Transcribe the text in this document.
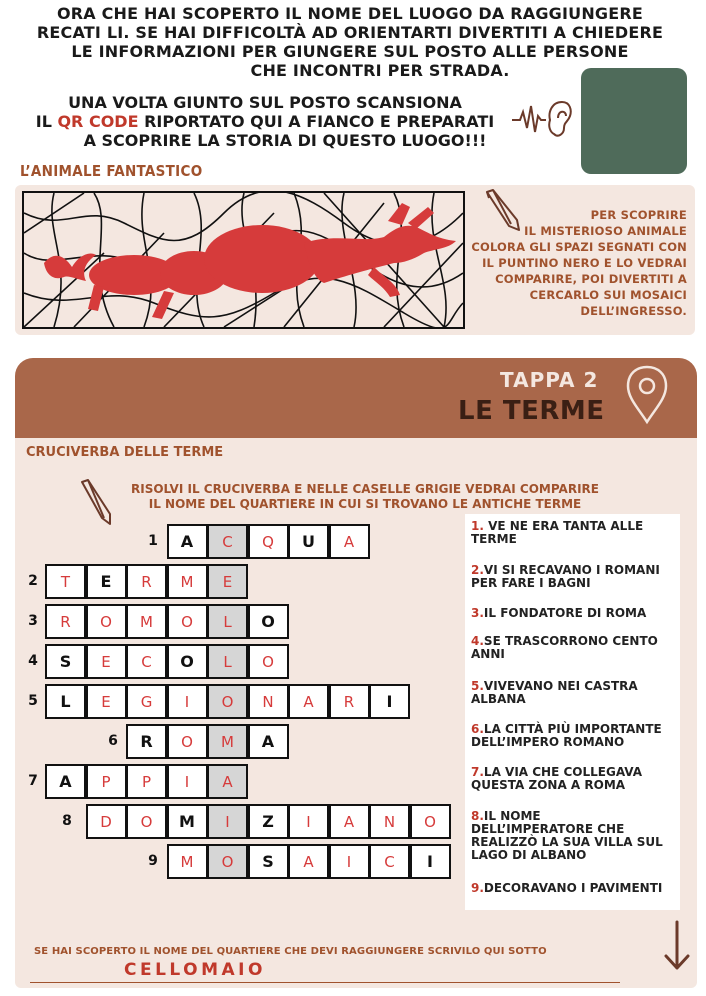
ORA CHE HAI SCOPERTO IL NOME DEL LUOGO DA RAGGIUNGERE
RECATI LI. SE HAI DIFFICOLTÀ AD ORIENTARTI DIVERTITI A CHIEDERE
LE INFORMAZIONI PER GIUNGERE SUL POSTO ALLE PERSONE
CHE INCONTRI PER STRADA.
UNA VOLTA GIUNTO SUL POSTO SCANSIONA
IL QR CODE RIPORTATO QUI A FIANCO E PREPARATI
A SCOPRIRE LA STORIA DI QUESTO LUOGO!!!
L’ANIMALE FANTASTICO
PER SCOPRIRE
IL MISTERIOSO ANIMALE
COLORA GLI SPAZI SEGNATI CON
IL PUNTINO NERO E LO VEDRAI
COMPARIRE, POI DIVERTITI A
CERCARLO SUI MOSAICI
DELL’INGRESSO.
TAPPA 2
LE TERME
CRUCIVERBA DELLE TERME
RISOLVI IL CRUCIVERBA E NELLE CASELLE GRIGIE VEDRAI COMPARIRE
IL NOME DEL QUARTIERE IN CUI SI TROVANO LE ANTICHE TERME
1	A	C	Q	U	A
2	T	E	R	M	E
3	R	O	M	O	L	O
4	S	E	C	O	L	O
5	L	E	G	I	O	N	A	R	I
6	R	O	M	A
7	A	P	P	I	A
8	D	O	M	I	Z	I	A	N	O
9	M	O	S	A	I	C	I
1. VE NE ERA TANTA ALLE
TERME
2.VI SI RECAVANO I ROMANI
PER FARE I BAGNI
3.IL FONDATORE DI ROMA
4.SE TRASCORRONO CENTO
ANNI
5.VIVEVANO NEI CASTRA
ALBANA
6.LA CITTÀ PIÙ IMPORTANTE
DELL’IMPERO ROMANO
7.LA VIA CHE COLLEGAVA
QUESTA ZONA A ROMA
8.IL NOME
DELL’IMPERATORE CHE
REALIZZÒ LA SUA VILLA SUL
LAGO DI ALBANO
9.DECORAVANO I PAVIMENTI
SE HAI SCOPERTO IL NOME DEL QUARTIERE CHE DEVI RAGGIUNGERE SCRIVILO QUI SOTTO
CELLOMAIO
